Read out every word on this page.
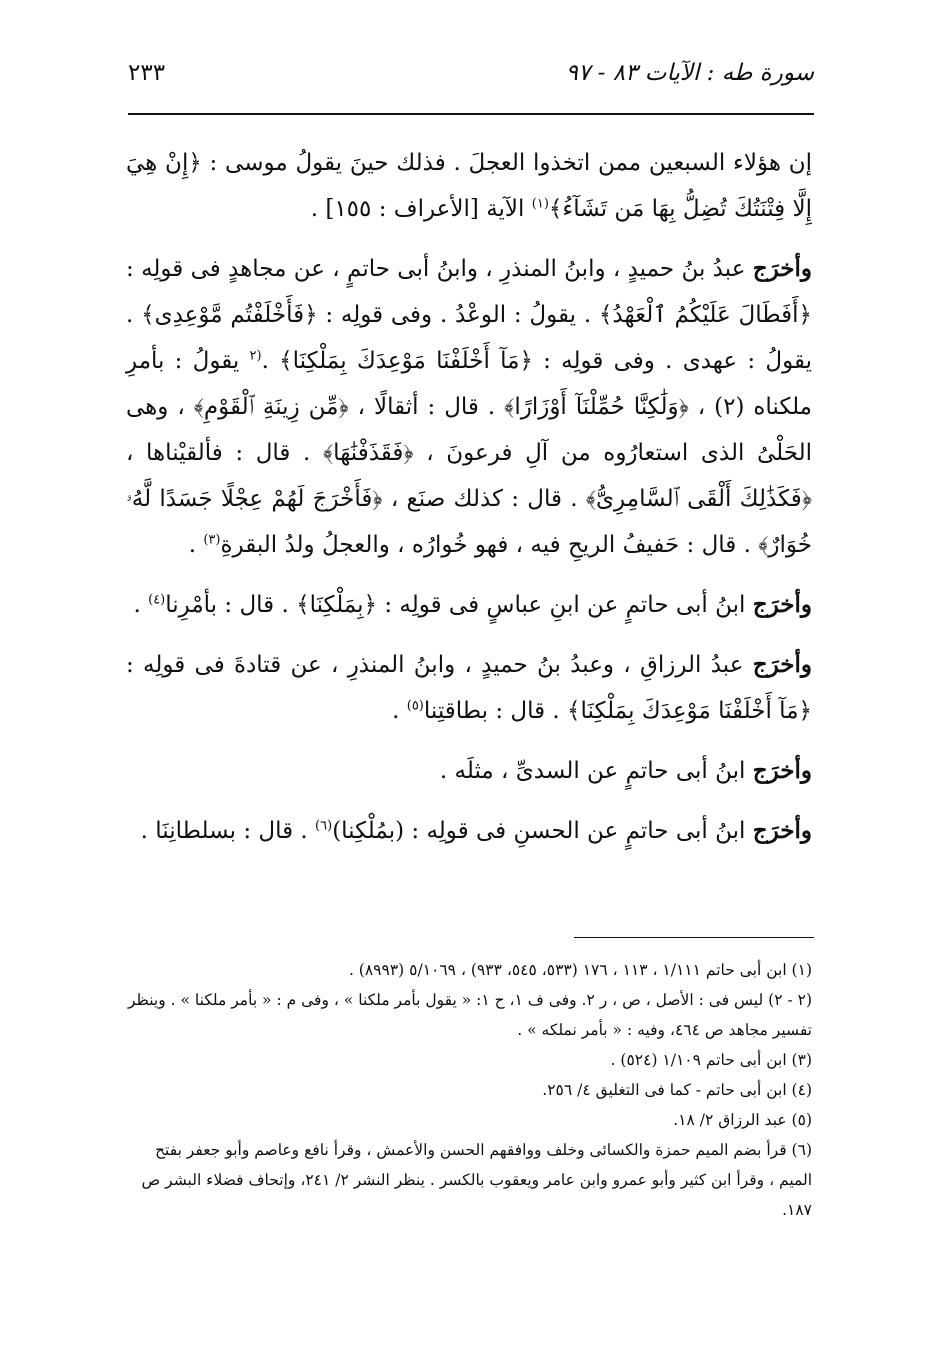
سورة طه : الآيات ٨٣ - ٩٧
٢٣٣

إن هؤلاء السبعين ممن اتخذوا العجلَ . فذلك حينَ يقولُ موسى : ﴿إِنْ هِيَ إِلَّا فِتْنَتُكَ تُضِلُّ بِهَا مَن تَشَآءُ﴾$^{(١)}$ الآية [الأعراف : ١٥٥] .

وأخرَج عبدُ بنُ حميدٍ ، وابنُ المنذرِ ، وابنُ أبى حاتمٍ ، عن مجاهدٍ فى قولِه : ﴿أَفَطَالَ عَلَيْكُمُ ٱلْعَهْدُ﴾ . يقولُ : الوعْدُ . وفى قولِه : ﴿فَأَخْلَفْتُم مَّوْعِدِى﴾ . يقولُ : عهدى . وفى قولِه : ﴿مَآ أَخْلَفْنَا مَوْعِدَكَ بِمَلْكِنَا﴾ .$^{(٢}$ يقولُ : بأمرِ ملكناه (٢) ، ﴿وَلَٰكِنَّا حُمِّلْنَآ أَوْزَارًا﴾ . قال : أثقالًا ، ﴿مِّن زِينَةِ ٱلْقَوْمِ﴾ ، وهى الحَلْىُ الذى استعارُوه من آلِ فرعونَ ، ﴿فَقَذَفْنَٰهَا﴾ . قال : فألقيْناها ، ﴿فَكَذَٰلِكَ أَلْقَى ٱلسَّامِرِىُّ﴾ . قال : كذلك صنَع ، ﴿فَأَخْرَجَ لَهُمْ عِجْلًا جَسَدًا لَّهُۥ خُوَارٌ﴾ . قال : حَفيفُ الريحِ فيه ، فهو خُوارُه ، والعجلُ ولدُ البقرةِ$^{(٣)}$ .

وأخرَج ابنُ أبى حاتمٍ عن ابنِ عباسٍ فى قولِه : ﴿بِمَلْكِنَا﴾ . قال : بأمْرِنا$^{(٤)}$ .

وأخرَج عبدُ الرزاقِ ، وعبدُ بنُ حميدٍ ، وابنُ المنذرِ ، عن قتادةَ فى قولِه : ﴿مَآ أَخْلَفْنَا مَوْعِدَكَ بِمَلْكِنَا﴾ . قال : بطاقتِنا$^{(٥)}$ .

وأخرَج ابنُ أبى حاتمٍ عن السدىِّ ، مثلَه .

وأخرَج ابنُ أبى حاتمٍ عن الحسنِ فى قولِه : (بمُلْكِنا)$^{(٦)}$ . قال : بسلطانِنَا .

(١) ابن أبى حاتم ١/١١١ ، ١١٣ ، ١٧٦ (٥٣٣، ٥٤٥، ٩٣٣) ، ٥/١٠٦٩ (٨٩٩٣) .

(٢ - ٢) ليس فى : الأصل ، ص ، ر ٢. وفى ف ١، ح ١: « يقول بأمر ملكنا » ، وفى م : « بأمر ملكنا » . وينظر تفسير مجاهد ص ٤٦٤، وفيه : « بأمر نملكه » .

(٣) ابن أبى حاتم ١/١٠٩ (٥٢٤) .

(٤) ابن أبى حاتم - كما فى التغليق ٤/ ٢٥٦.

(٥) عبد الرزاق ٢/ ١٨.

(٦) قرأ بضم الميم حمزة والكسائى وخلف ووافقهم الحسن والأعمش ، وقرأ نافع وعاصم وأبو جعفر بفتح الميم ، وقرأ ابن كثير وأبو عمرو وابن عامر ويعقوب بالكسر . ينظر النشر ٢/ ٢٤١، وإتحاف فضلاء البشر ص ١٨٧.
